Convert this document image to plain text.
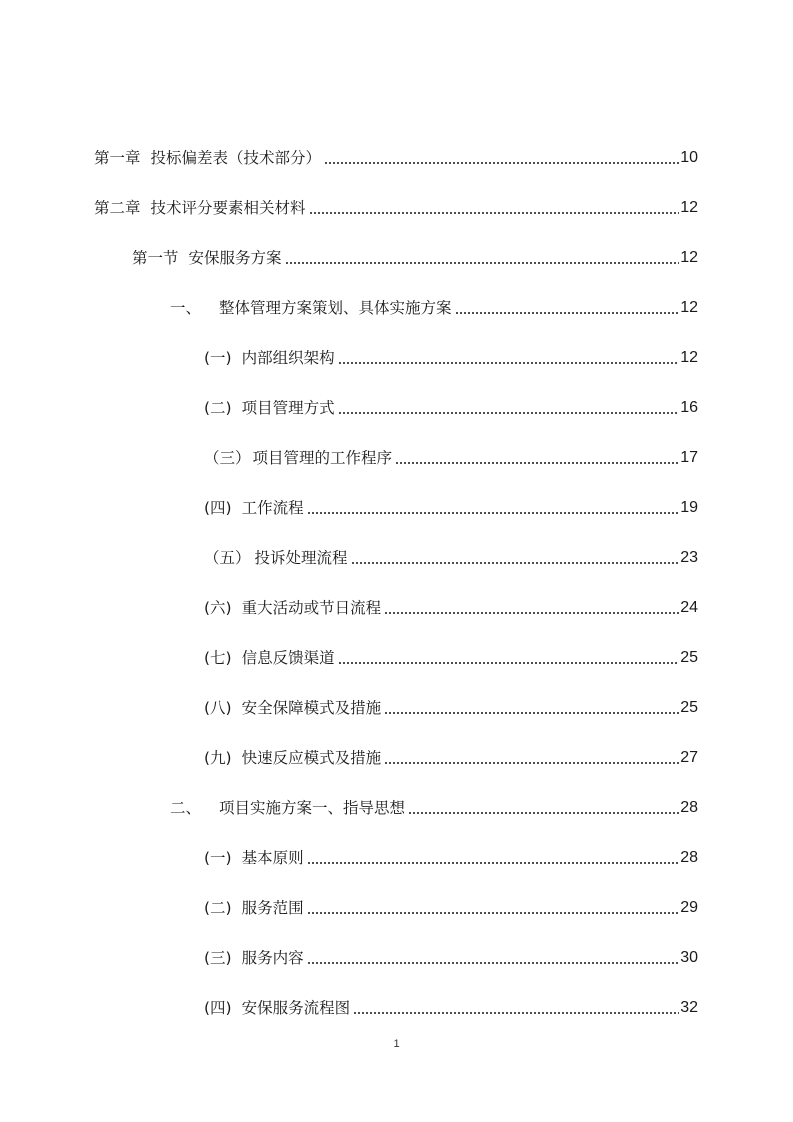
第一章 投标偏差表（技术部分）	10
第二章 技术评分要素相关材料	12
第一节 安保服务方案	12
一、 整体管理方案策划、具体实施方案	12
(一) 内部组织架构	12
(二) 项目管理方式	16
（三） 项目管理的工作程序	17
(四) 工作流程	19
（五） 投诉处理流程	23
(六) 重大活动或节日流程	24
(七) 信息反馈渠道	25
(八) 安全保障模式及措施	25
(九) 快速反应模式及措施	27
二、 项目实施方案一、指导思想	28
(一) 基本原则	28
(二) 服务范围	29
(三) 服务内容	30
(四) 安保服务流程图	32
1
